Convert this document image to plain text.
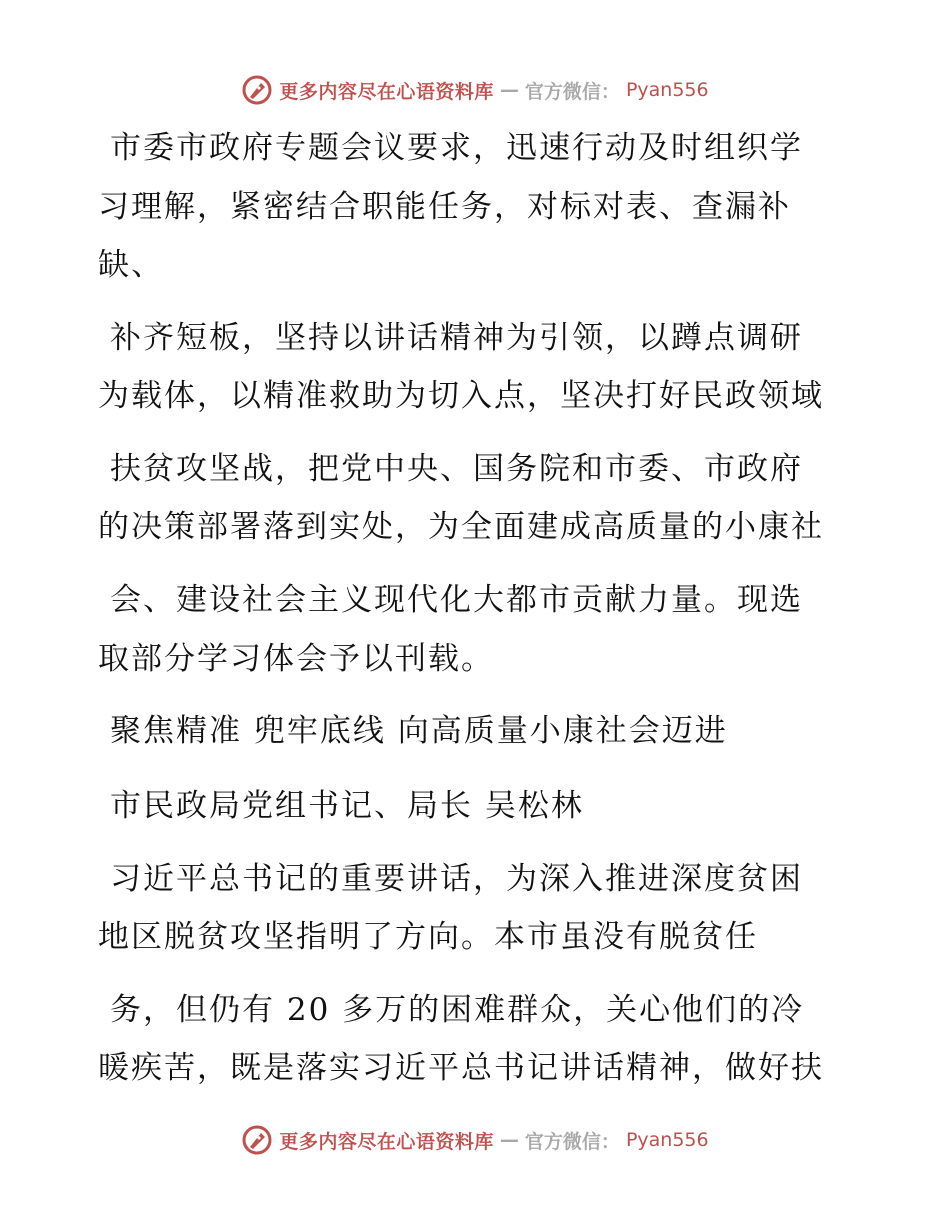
更多内容尽在心语资料库 — 官方微信： Pyan556
市委市政府专题会议要求，迅速行动及时组织学
习理解，紧密结合职能任务，对标对表、查漏补
缺、
补齐短板，坚持以讲话精神为引领，以蹲点调研
为载体，以精准救助为切入点，坚决打好民政领域
扶贫攻坚战，把党中央、国务院和市委、市政府
的决策部署落到实处，为全面建成高质量的小康社
会、建设社会主义现代化大都市贡献力量。现选
取部分学习体会予以刊载。
聚焦精准 兜牢底线 向高质量小康社会迈进
市民政局党组书记、局长 吴松林
习近平总书记的重要讲话，为深入推进深度贫困
地区脱贫攻坚指明了方向。本市虽没有脱贫任
务，但仍有 20 多万的困难群众，关心他们的冷
暖疾苦，既是落实习近平总书记讲话精神，做好扶
更多内容尽在心语资料库 — 官方微信： Pyan556
